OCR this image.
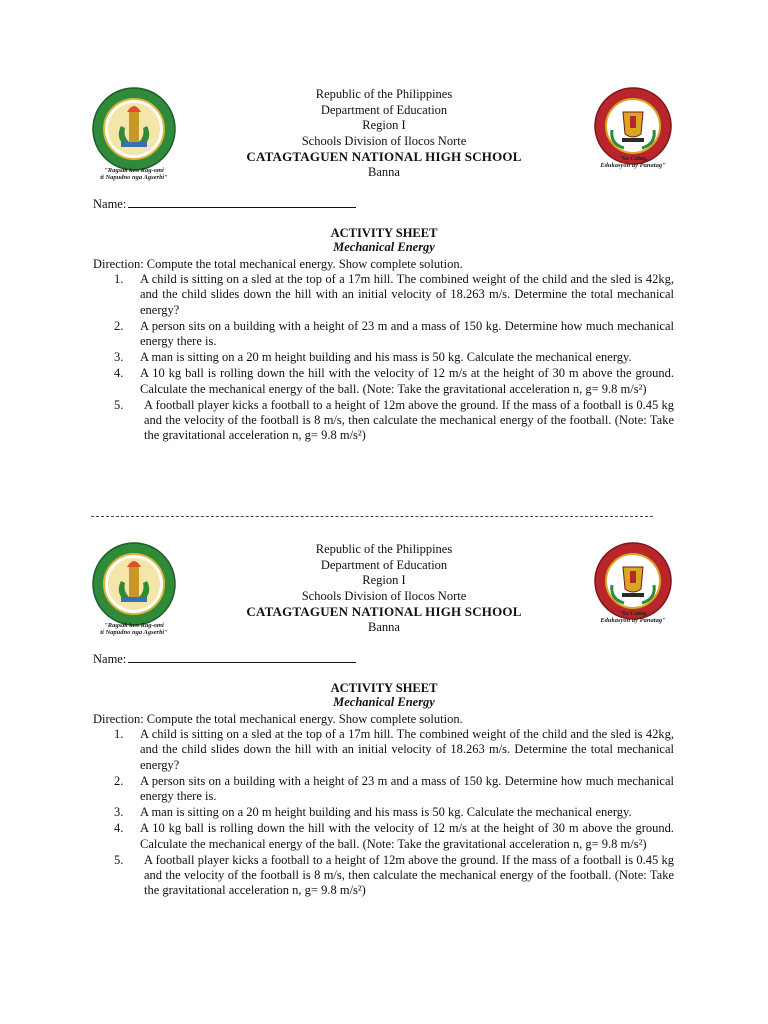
"Ragsak ken Rag-omi
ti Napudno nga Agserbi"
"Sa Catag,
Edukasyon ay Panatag"
Republic of the Philippines
Department of Education
Region I
Schools Division of Ilocos Norte
CATAGTAGUEN NATIONAL HIGH SCHOOL
Banna
Name:
ACTIVITY SHEET
Mechanical Energy
Direction: Compute the total mechanical energy. Show complete solution.
1. A child is sitting on a sled at the top of a 17m hill. The combined weight of the child and the sled is 42kg, and the child slides down the hill with an initial velocity of 18.263 m/s. Determine the total mechanical energy?
2. A person sits on a building with a height of 23 m and a mass of 150 kg. Determine how much mechanical energy there is.
3. A man is sitting on a 20 m height building and his mass is 50 kg. Calculate the mechanical energy.
4. A 10 kg ball is rolling down the hill with the velocity of 12 m/s at the height of 30 m above the ground. Calculate the mechanical energy of the ball. (Note: Take the gravitational acceleration n, g= 9.8 m/s²)
5. A football player kicks a football to a height of 12m above the ground. If the mass of a football is 0.45 kg and the velocity of the football is 8 m/s, then calculate the mechanical energy of the football. (Note: Take the gravitational acceleration n, g= 9.8 m/s²)
"Ragsak ken Rag-omi
ti Napudno nga Agserbi"
"Sa Catag,
Edukasyon ay Panatag"
Republic of the Philippines
Department of Education
Region I
Schools Division of Ilocos Norte
CATAGTAGUEN NATIONAL HIGH SCHOOL
Banna
Name:
ACTIVITY SHEET
Mechanical Energy
Direction: Compute the total mechanical energy. Show complete solution.
1. A child is sitting on a sled at the top of a 17m hill. The combined weight of the child and the sled is 42kg, and the child slides down the hill with an initial velocity of 18.263 m/s. Determine the total mechanical energy?
2. A person sits on a building with a height of 23 m and a mass of 150 kg. Determine how much mechanical energy there is.
3. A man is sitting on a 20 m height building and his mass is 50 kg. Calculate the mechanical energy.
4. A 10 kg ball is rolling down the hill with the velocity of 12 m/s at the height of 30 m above the ground. Calculate the mechanical energy of the ball. (Note: Take the gravitational acceleration n, g= 9.8 m/s²)
5. A football player kicks a football to a height of 12m above the ground. If the mass of a football is 0.45 kg and the velocity of the football is 8 m/s, then calculate the mechanical energy of the football. (Note: Take the gravitational acceleration n, g= 9.8 m/s²)
